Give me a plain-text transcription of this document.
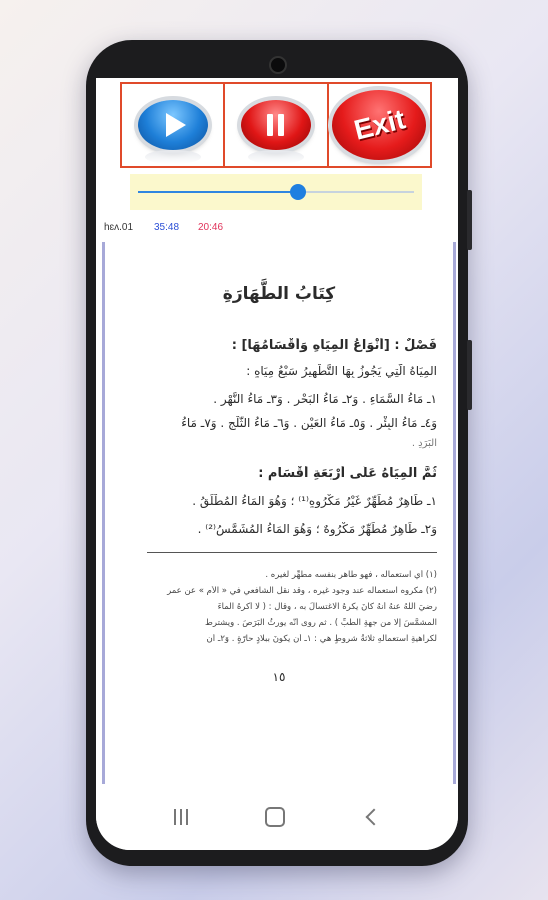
Exit
hɛʌ.01 35:48 20:46
كِتَابُ الطَّهَارَةِ
فَصْلٌ : [أَنْوَاعُ المِيَاهِ وَأَقْسَامُهَا] :
المِيَاهُ الَّتِي يَجُوزُ بِهَا التَّطْهِيرُ سَبْعُ مِيَاهٍ :
١ـ مَاءُ السَّمَاءِ . وَ٢ـ مَاءُ البَحْرِ . وَ٣ـ مَاءُ النَّهْرِ .
وَ٤ـ مَاءُ البِئْرِ . وَ٥ـ مَاءُ العَيْنِ . وَ٦ـ مَاءُ الثَّلْجِ . وَ٧ـ مَاءُ
البَرَدِ .
ثُمَّ المِيَاهُ عَلَى أَرْبَعَةِ أَقْسَامٍ :
١ـ طَاهِرٌ مُطَهِّرٌ غَيْرُ مَكْرُوهٍ⁽¹⁾ ؛ وَهُوَ المَاءُ المُطْلَقُ .
وَ٢ـ طَاهِرٌ مُطَهِّرٌ مَكْرُوهٌ ؛ وَهُوَ المَاءُ المُشَمَّسُ⁽²⁾ .
(١) أي استعماله ، فهو طاهر بنفسه مطهِّر لغيره .
(٢) مكروه استعماله عند وجود غيره ، وقد نقل الشافعي في « الأم » عن عمر
رضيَ اللهُ عنهُ أنهُ كانَ يكرهُ الاغتسالَ به ، وقال : ( لا أكرهُ الماءَ
المشمَّسَ إلا من جهةِ الطبِّ ) . ثم روى أنَّه يورثُ البَرَصَ . ويشترطُ
لكراهيةِ استعمالهِ ثلاثةُ شروطٍ هي : ١ـ أن يكونَ ببلادٍ حارّةٍ . وَ٢ـ أن
١٥
